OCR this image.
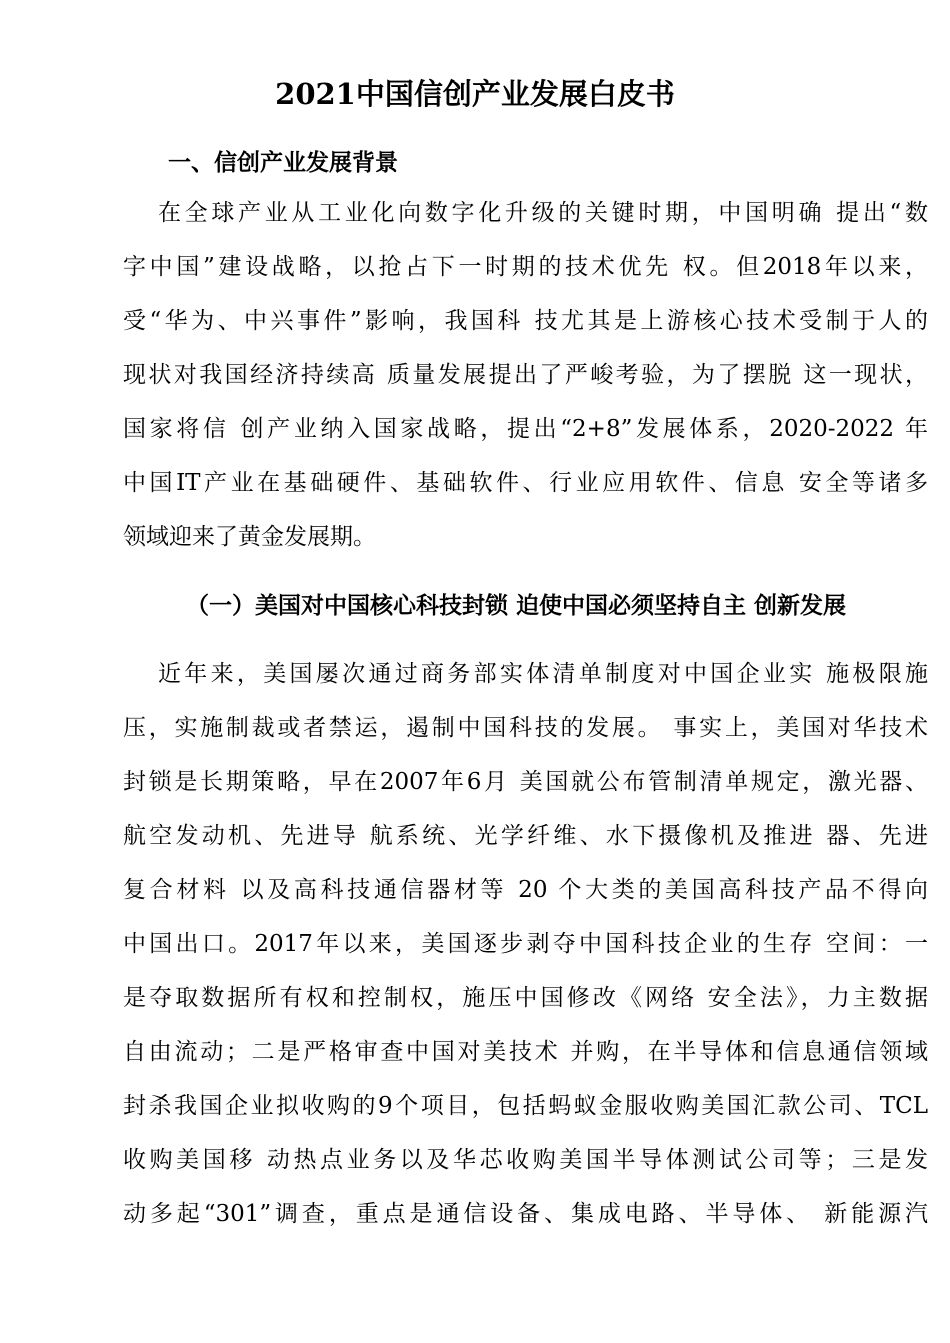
2021中国信创产业发展白皮书
一、信创产业发展背景
在全球产业从工业化向数字化升级的关键时期，中国明确 提出“数
字中国”建设战略，以抢占下一时期的技术优先 权。但2018年以来，
受“华为、中兴事件”影响，我国科 技尤其是上游核心技术受制于人的
现状对我国经济持续高 质量发展提出了严峻考验，为了摆脱 这一现状，
国家将信 创产业纳入国家战略，提出“2+8”发展体系，2020-2022 年
中国IT产业在基础硬件、基础软件、行业应用软件、信息 安全等诸多
领域迎来了黄金发展期。
（一）美国对中国核心科技封锁 迫使中国必须坚持自主 创新发展
近年来，美国屡次通过商务部实体清单制度对中国企业实 施极限施
压，实施制裁或者禁运，遏制中国科技的发展。 事实上，美国对华技术
封锁是长期策略，早在2007年6月 美国就公布管制清单规定，激光器、
航空发动机、先进导 航系统、光学纤维、水下摄像机及推进 器、先进
复合材料 以及高科技通信器材等 20 个大类的美国高科技产品不得向
中国出口。2017年以来，美国逐步剥夺中国科技企业的生存 空间：一
是夺取数据所有权和控制权，施压中国修改《网络 安全法》，力主数据
自由流动；二是严格审查中国对美技术 并购，在半导体和信息通信领域
封杀我国企业拟收购的9个项目，包括蚂蚁金服收购美国汇款公司、TCL
收购美国移 动热点业务以及华芯收购美国半导体测试公司等；三是发
动多起“301”调查，重点是通信设备、集成电路、半导体、 新能源汽
